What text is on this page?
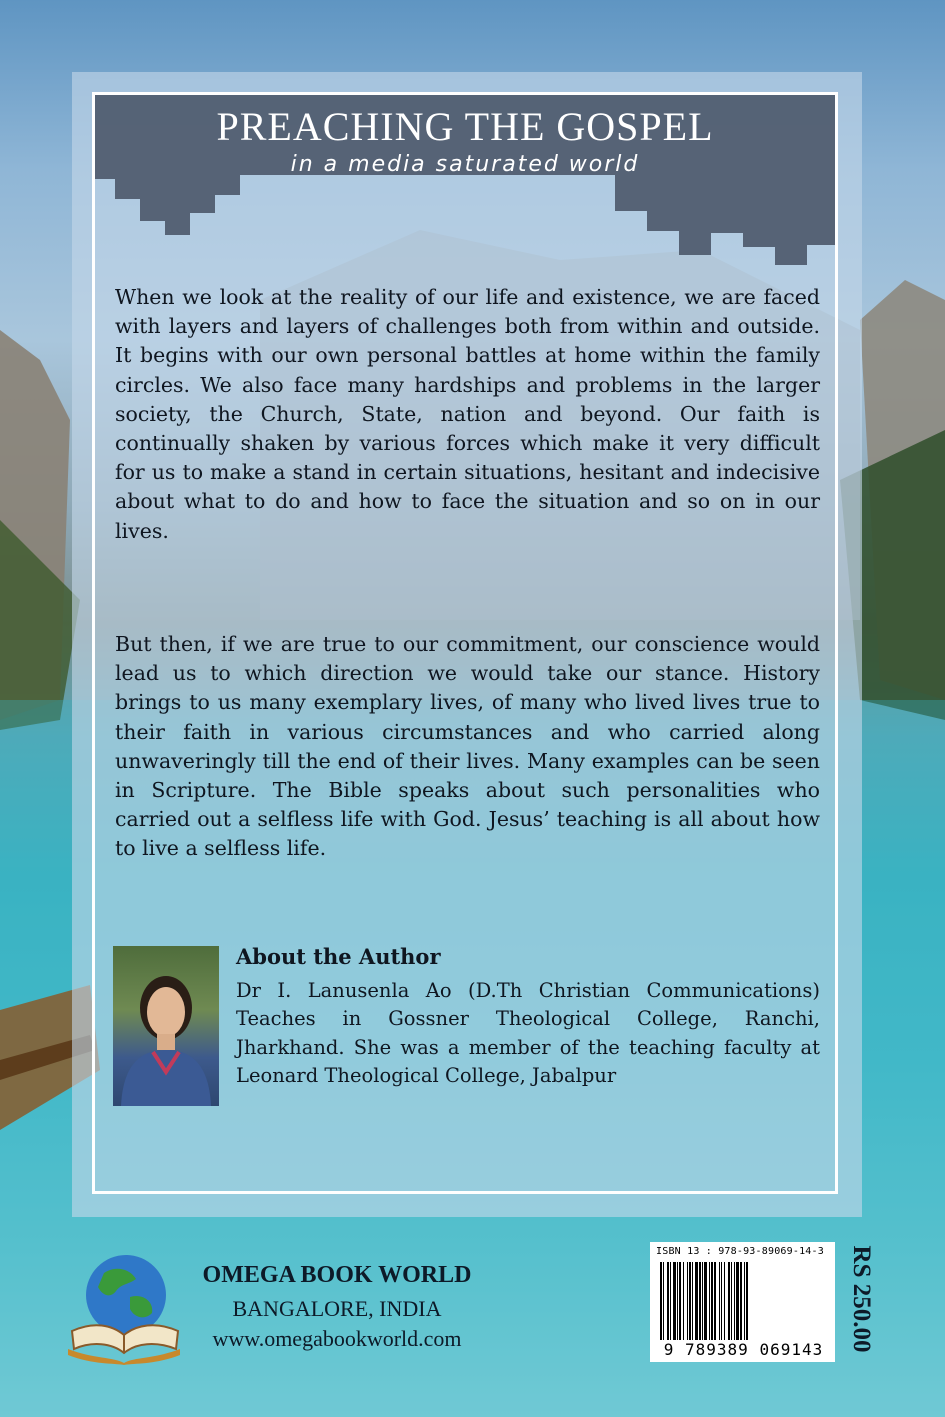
PREACHING THE GOSPEL
in a media saturated world

When we look at the reality of our life and existence, we are faced with layers and layers of challenges both from within and outside. It begins with our own personal battles at home within the family circles. We also face many hardships and problems in the larger society, the Church, State, nation and beyond. Our faith is continually shaken by various forces which make it very difficult for us to make a stand in certain situations, hesitant and indecisive about what to do and how to face the situation and so on in our lives.

But then, if we are true to our commitment, our conscience would lead us to which direction we would take our stance. History brings to us many exemplary lives, of many who lived lives true to their faith in various circumstances and who carried along unwaveringly till the end of their lives. Many examples can be seen in Scripture. The Bible speaks about such personalities who carried out a selfless life with God. Jesus’ teaching is all about how to live a selfless life.

About the Author

Dr I. Lanusenla Ao (D.Th Christian Communications) Teaches in Gossner Theological College, Ranchi, Jharkhand. She was a member of the teaching faculty at Leonard Theological College, Jabalpur

OMEGA BOOK WORLD
BANGALORE, INDIA
www.omegabookworld.com
ISBN 13 : 978-93-89069-14-3
9 789389 069143 RS 250.00
